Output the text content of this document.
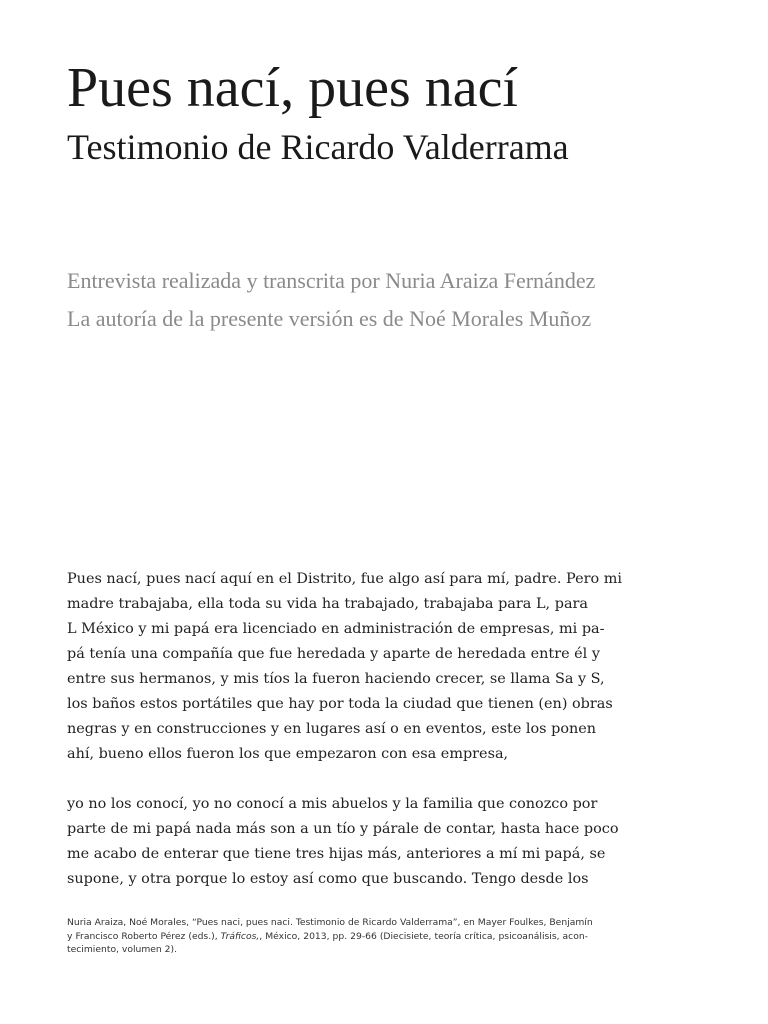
Pues nací, pues nací
Testimonio de Ricardo Valderrama

Entrevista realizada y transcrita por Nuria Araiza Fernández

La autoría de la presente versión es de Noé Morales Muñoz

Pues nací, pues nací aquí en el Distrito, fue algo así para mí, padre. Pero mi
madre trabajaba, ella toda su vida ha trabajado, trabajaba para L, para
L México y mi papá era licenciado en administración de empresas, mi pa-
pá tenía una compañía que fue heredada y aparte de heredada entre él y
entre sus hermanos, y mis tíos la fueron haciendo crecer, se llama Sa y S,
los baños estos portátiles que hay por toda la ciudad que tienen (en) obras
negras y en construcciones y en lugares así o en eventos, este los ponen
ahí, bueno ellos fueron los que empezaron con esa empresa,
yo no los conocí, yo no conocí a mis abuelos y la familia que conozco por
parte de mi papá nada más son a un tío y párale de contar, hasta hace poco
me acabo de enterar que tiene tres hijas más, anteriores a mí mi papá, se
supone, y otra porque lo estoy así como que buscando. Tengo desde los
Nuria Araiza, Noé Morales, “Pues naci, pues naci. Testimonio de Ricardo Valderrama”, en Mayer Foulkes, Benjamín
y Francisco Roberto Pérez (eds.), Tráficos,, México, 2013, pp. 29-66 (Diecisiete, teoría crítica, psicoanálisis, acon-
tecimiento, volumen 2).
